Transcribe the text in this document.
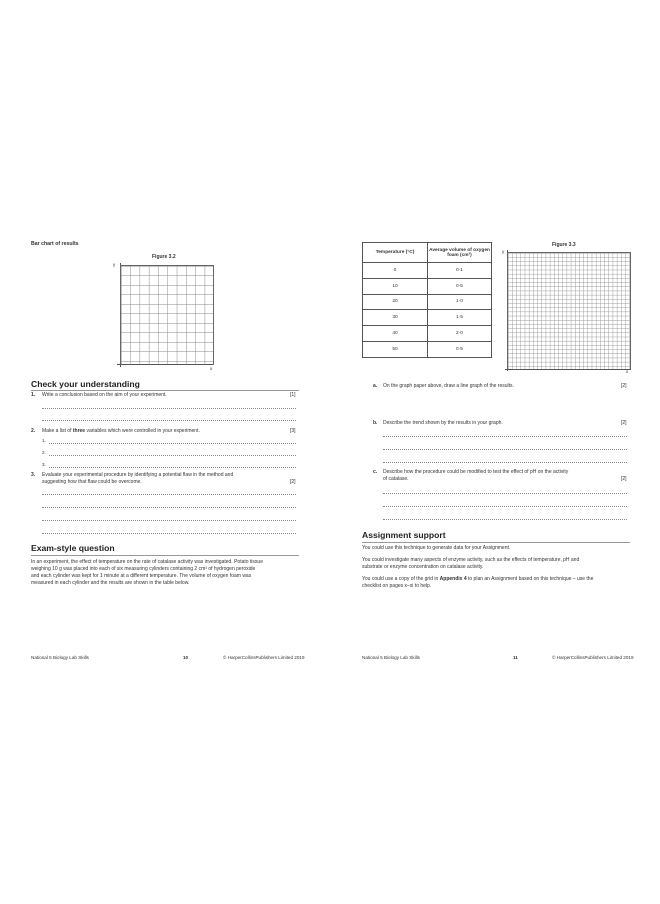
Bar chart of results
Figure 3.2
y
x
Check your understanding
1. Write a conclusion based on the aim of your experiment.	[1]
2. Make a list of three variables which were controlled in your experiment.	[3]
1.
2.
3.
3. Evaluate your experimental procedure by identifying a potential flaw in the method and
suggesting how that flaw could be overcome.	[2]
Exam-style question
In an experiment, the effect of temperature on the rate of catalase activity was investigated. Potato tissue
weighing 10 g was placed into each of six measuring cylinders containing 2 cm³ of hydrogen peroxide
and each cylinder was kept for 1 minute at a different temperature. The volume of oxygen foam was
measured in each cylinder and the results are shown in the table below.
National 5 Biology Lab Skills	10	© HarperCollinsPublishers Limited 2019
Temperature (°C)	Average volume of oxygen foam (cm³)
0	0·1
10	0·5
20	1·0
30	1·5
40	2·0
50	0·5
Figure 3.3
y
x
a. On the graph paper above, draw a line graph of the results.	[2]
b. Describe the trend shown by the results in your graph.	[2]
c. Describe how the procedure could be modified to test the effect of pH on the activity
of catalase.	[2]
Assignment support
You could use this technique to generate data for your Assignment.
You could investigate many aspects of enzyme activity, such as the effects of temperature, pH and
substrate or enzyme concentration on catalase activity.
You could use a copy of the grid in Appendix 4 to plan an Assignment based on this technique – use the
checklist on pages x–xi to help.
National 5 Biology Lab Skills	11	© HarperCollinsPublishers Limited 2019
